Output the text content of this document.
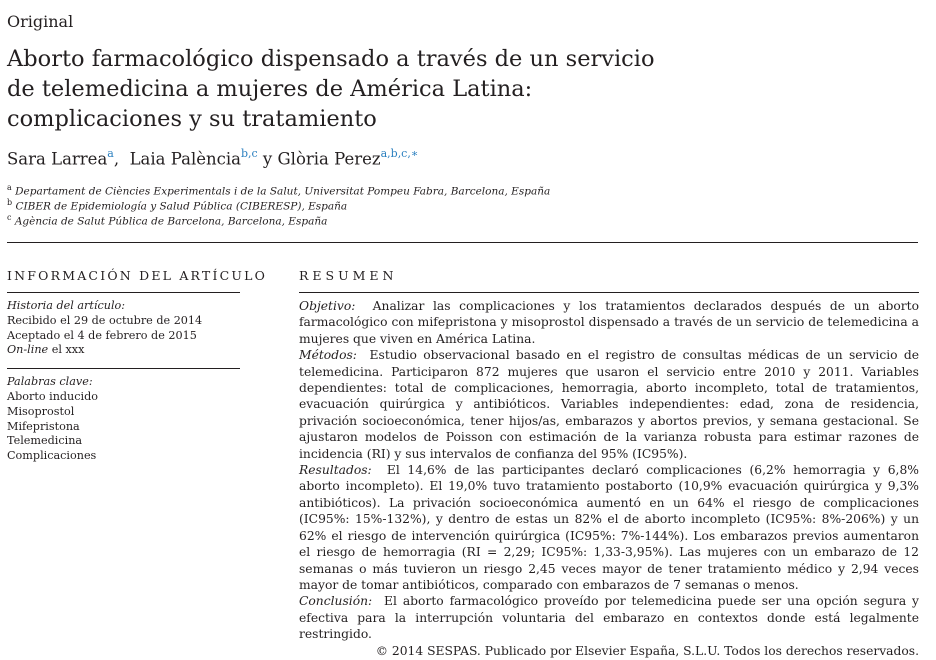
Original
Aborto farmacológico dispensado a través de un servicio
de telemedicina a mujeres de América Latina:
complicaciones y su tratamiento
Sara Larrea$^a$,  Laia Palència$^{b,c}$ y Glòria Perez$^{a,b,c,∗}$
$^a$ Departament de Ciències Experimentals i de la Salut, Universitat Pompeu Fabra, Barcelona, España
$^b$ CIBER de Epidemiología y Salud Pública (CIBERESP), España
$^c$ Agència de Salut Pública de Barcelona, Barcelona, España
INFORMACIÓN DEL ARTÍCULO
Historia del artículo:
Recibido el 29 de octubre de 2014
Aceptado el 4 de febrero de 2015
On-line el xxx
Palabras clave:
Aborto inducido
Misoprostol
Mifepristona
Telemedicina
Complicaciones
RESUMEN

Objetivo: Analizar las complicaciones y los tratamientos declarados después de un aborto farmacológico con mifepristona y misoprostol dispensado a través de un servicio de telemedicina a mujeres que viven en América Latina.

Métodos: Estudio observacional basado en el registro de consultas médicas de un servicio de telemedicina. Participaron 872 mujeres que usaron el servicio entre 2010 y 2011. Variables dependientes: total de complicaciones, hemorragia, aborto incompleto, total de tratamientos, evacuación quirúrgica y antibióticos. Variables independientes: edad, zona de residencia, privación socioeconómica, tener hijos/as, embarazos y abortos previos, y semana gestacional. Se ajustaron modelos de Poisson con estimación de la varianza robusta para estimar razones de incidencia (RI) y sus intervalos de confianza del 95% (IC95%).

Resultados: El 14,6% de las participantes declaró complicaciones (6,2% hemorragia y 6,8% aborto incompleto). El 19,0% tuvo tratamiento postaborto (10,9% evacuación quirúrgica y 9,3% antibióticos). La privación socioeconómica aumentó en un 64% el riesgo de complicaciones (IC95%: 15%-132%), y dentro de estas un 82% el de aborto incompleto (IC95%: 8%-206%) y un 62% el riesgo de intervención quirúrgica (IC95%: 7%-144%). Los embarazos previos aumentaron el riesgo de hemorragia (RI = 2,29; IC95%: 1,33-3,95%). Las mujeres con un embarazo de 12 semanas o más tuvieron un riesgo 2,45 veces mayor de tener tratamiento médico y 2,94 veces mayor de tomar antibióticos, comparado con embarazos de 7 semanas o menos.

Conclusión: El aborto farmacológico proveído por telemedicina puede ser una opción segura y efectiva para la interrupción voluntaria del embarazo en contextos donde está legalmente restringido.

© 2014 SESPAS. Publicado por Elsevier España, S.L.U. Todos los derechos reservados.
